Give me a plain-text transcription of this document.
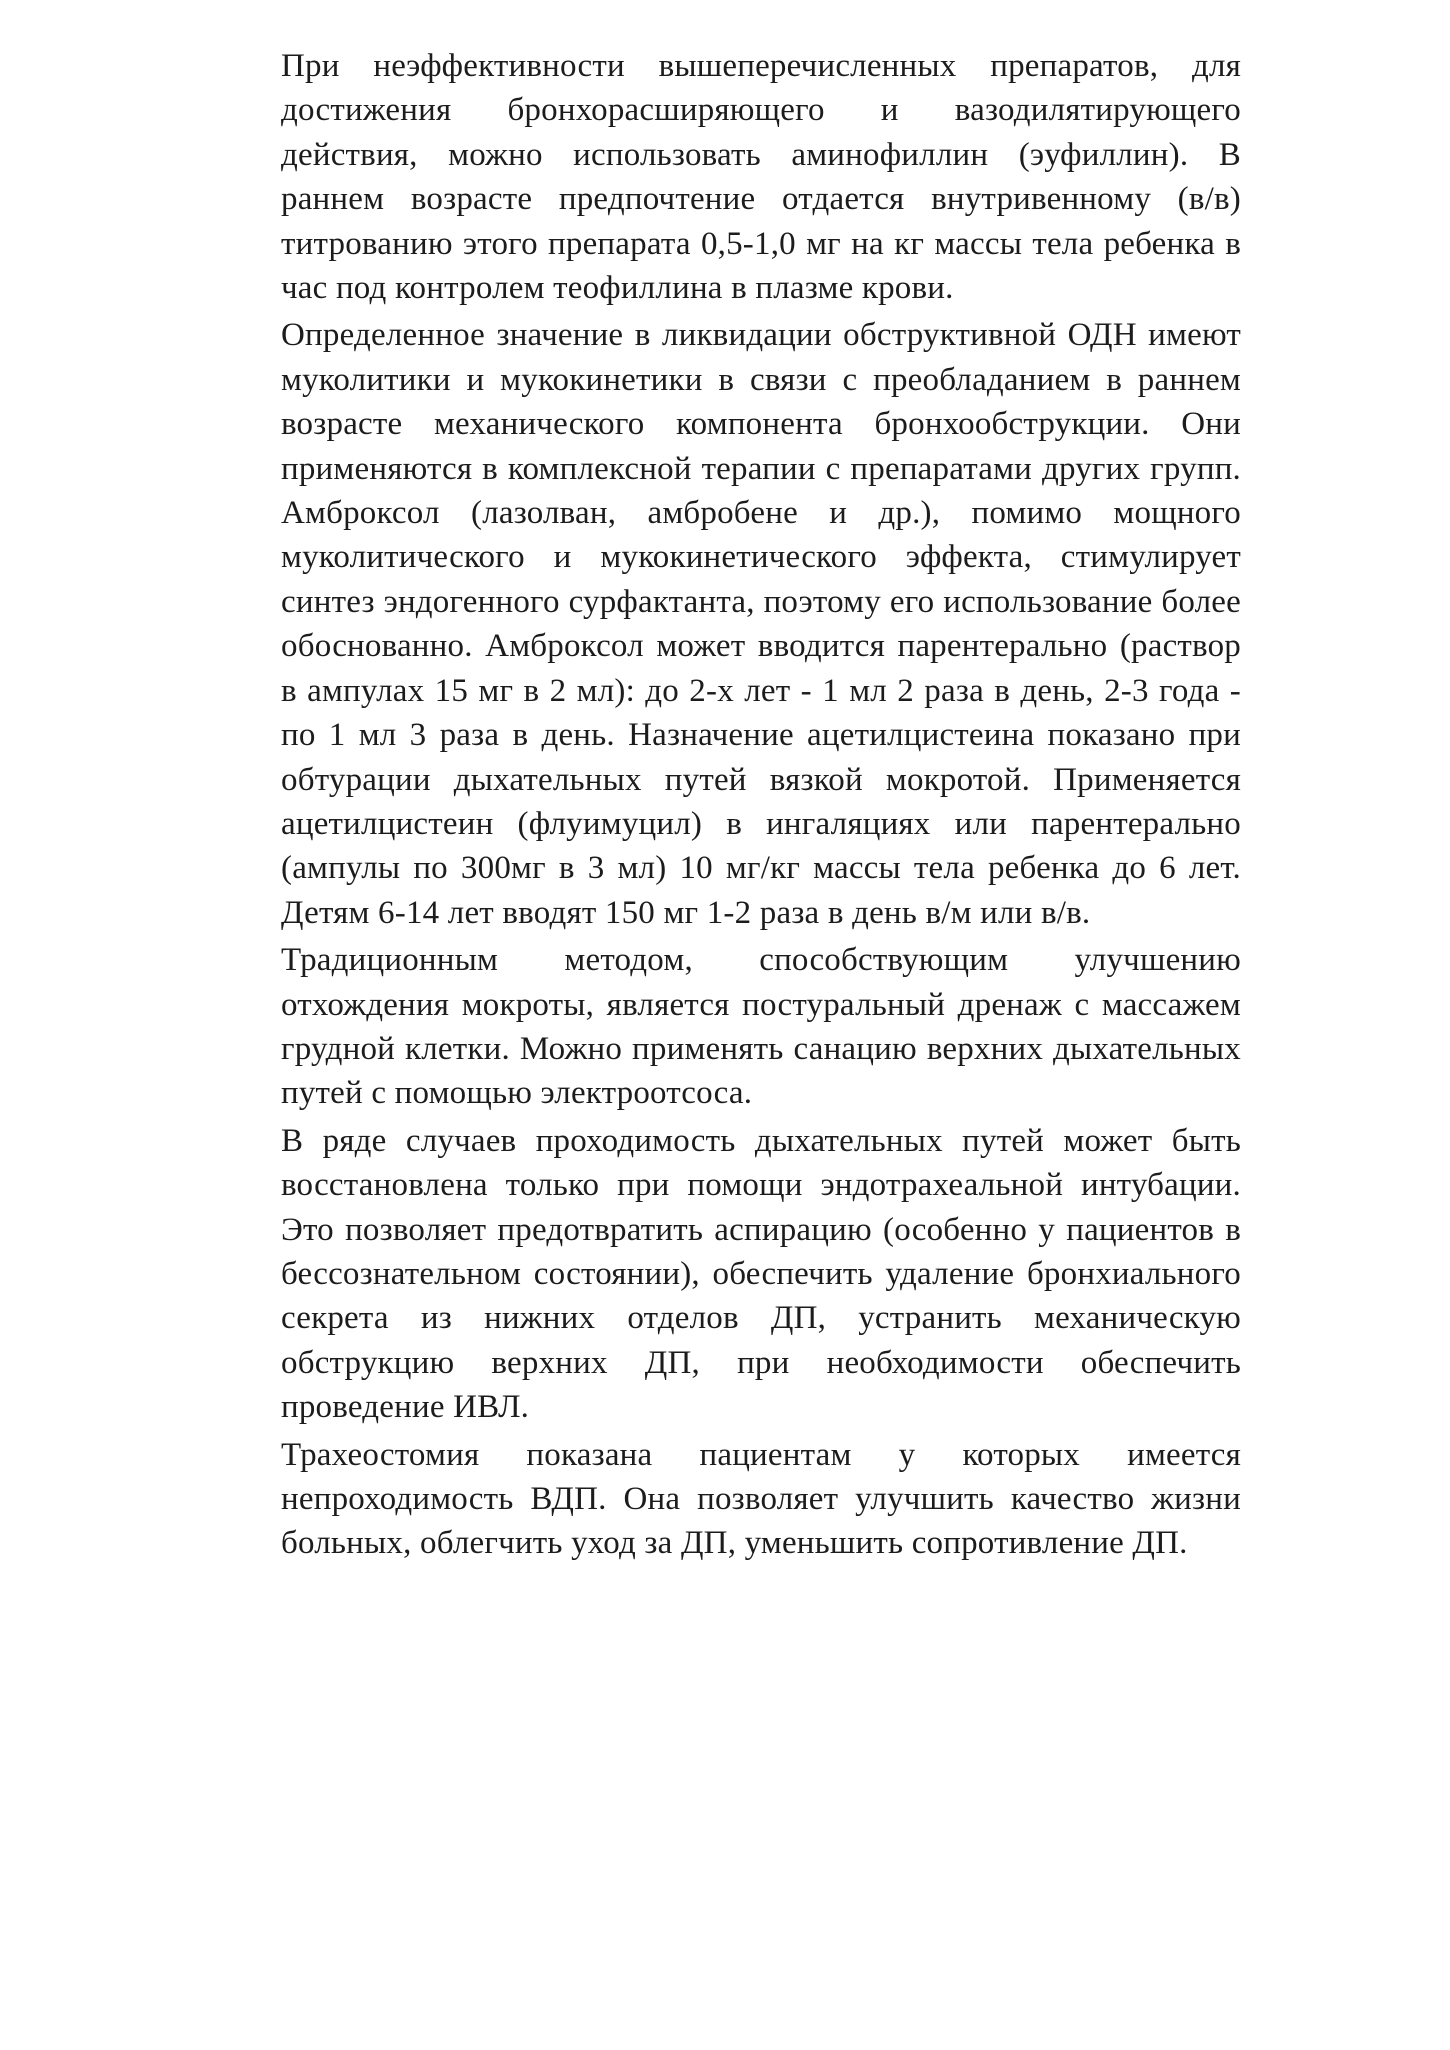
При неэффективности вышеперечисленных препаратов, для достижения бронхорасширяющего и вазодилятирующего действия, можно использовать аминофиллин (эуфиллин). В раннем возрасте предпочтение отдается внутривенному (в/в) титрованию этого препарата 0,5-1,0 мг на кг массы тела ребенка в час под контролем теофиллина в плазме крови.

Определенное значение в ликвидации обструктивной ОДН имеют муколитики и мукокинетики в связи с преобладанием в раннем возрасте механического компонента бронхообструкции. Они применяются в комплексной терапии с препаратами других групп. Амброксол (лазолван, амбробене и др.), помимо мощного муколитического и мукокинетического эффекта, стимулирует синтез эндогенного сурфактанта, поэтому его использование более обоснованно. Амброксол может вводится парентерально (раствор в ампулах 15 мг в 2 мл): до 2-х лет - 1 мл 2 раза в день, 2-3 года - по 1 мл 3 раза в день. Назначение ацетилцистеина показано при обтурации дыхательных путей вязкой мокротой. Применяется ацетилцистеин (флуимуцил) в ингаляциях или парентерально (ампулы по 300мг в 3 мл) 10 мг/кг массы тела ребенка до 6 лет. Детям 6-14 лет вводят 150 мг 1-2 раза в день в/м или в/в.

Традиционным методом, способствующим улучшению отхождения мокроты, является постуральный дренаж с массажем грудной клетки. Можно применять санацию верхних дыхательных путей с помощью электроотсоса.

В ряде случаев проходимость дыхательных путей может быть восстановлена только при помощи эндотрахеальной интубации. Это позволяет предотвратить аспирацию (особенно у пациентов в бессознательном состоянии), обеспечить удаление бронхиального секрета из нижних отделов ДП, устранить механическую обструкцию верхних ДП, при необходимости обеспечить проведение ИВЛ.

Трахеостомия показана пациентам у которых имеется непроходимость ВДП. Она позволяет улучшить качество жизни больных, облегчить уход за ДП, уменьшить сопротивление ДП.
